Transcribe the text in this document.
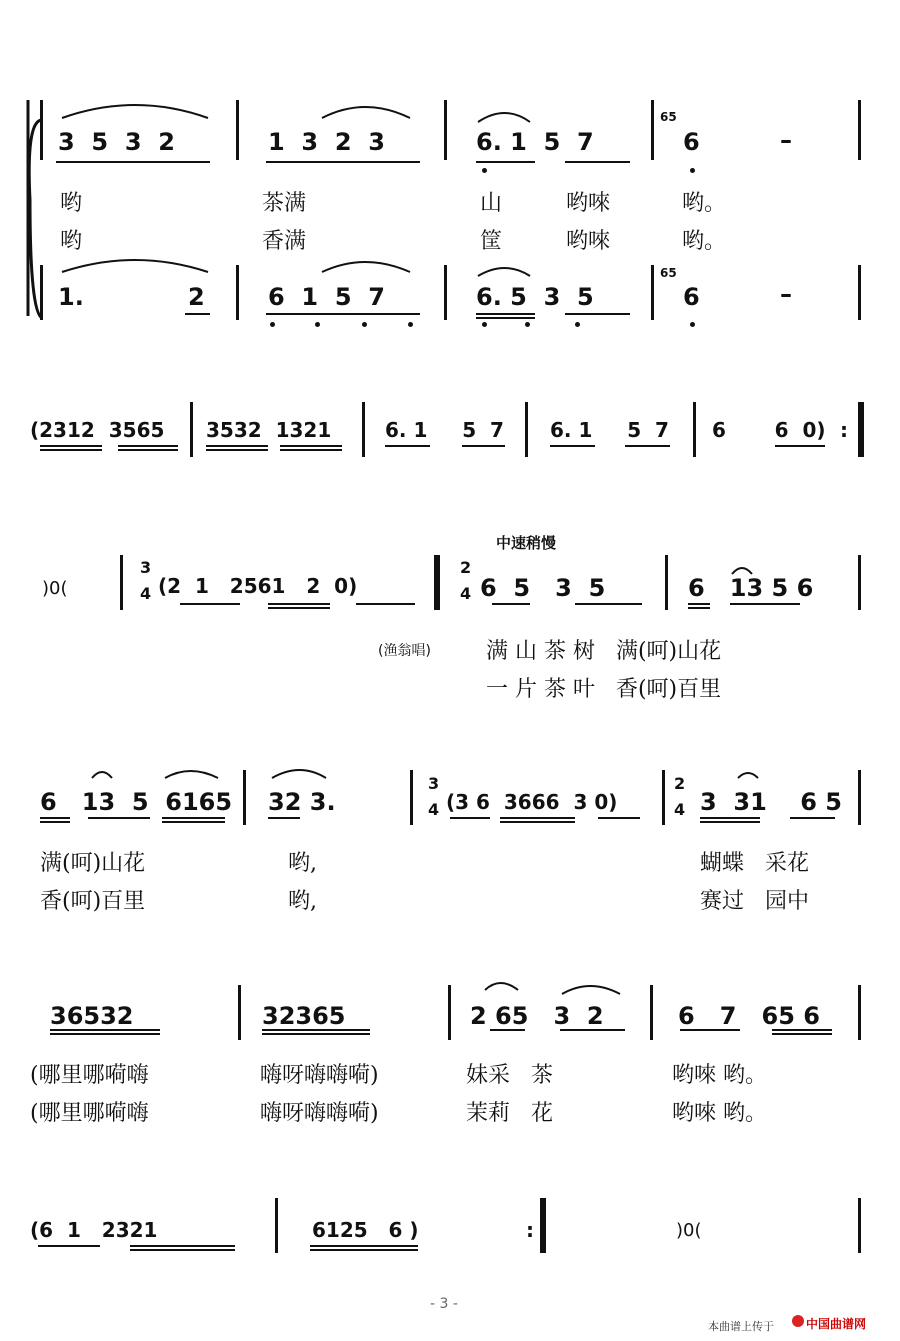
3  5  3  2	1  3  2  3	6. 1  5  7
65
6	–
哟	茶满	山	哟唻	哟。
哟	香满	筐	哟唻	哟。
1.	2	6  1  5  7	6. 5  3  5
65
6	–
(2312  3565 3532  1321	6. 1     5  7 6. 1     5  7 6       6  0) :
中速稍慢
)0(
3
4 (2  1   2561   2  0)
2
4 6  5   3  5	6   13 5 6
(渔翁唱)	满 山 茶 树   满(呵)山花
一 片 茶 叶   香(呵)百里
6   13  5  6165 32 3.
3
4 (3 6  3666  3 0)
2
4 3  31    6 5
满(呵)山花	哟,	蝴蝶   采花
香(呵)百里	哟,	赛过   园中
36532	32365	2 65   3  2	6   7   65 6
(哪里哪嗬嗨	嗨呀嗨嗨嗬)	妹采   茶	哟唻 哟。
(哪里哪嗬嗨	嗨呀嗨嗨嗬)	茉莉   花	哟唻 哟。
(6  1   2321	6125   6 )	:	)0(
- 3 -
本曲谱上传于	中国曲谱网
